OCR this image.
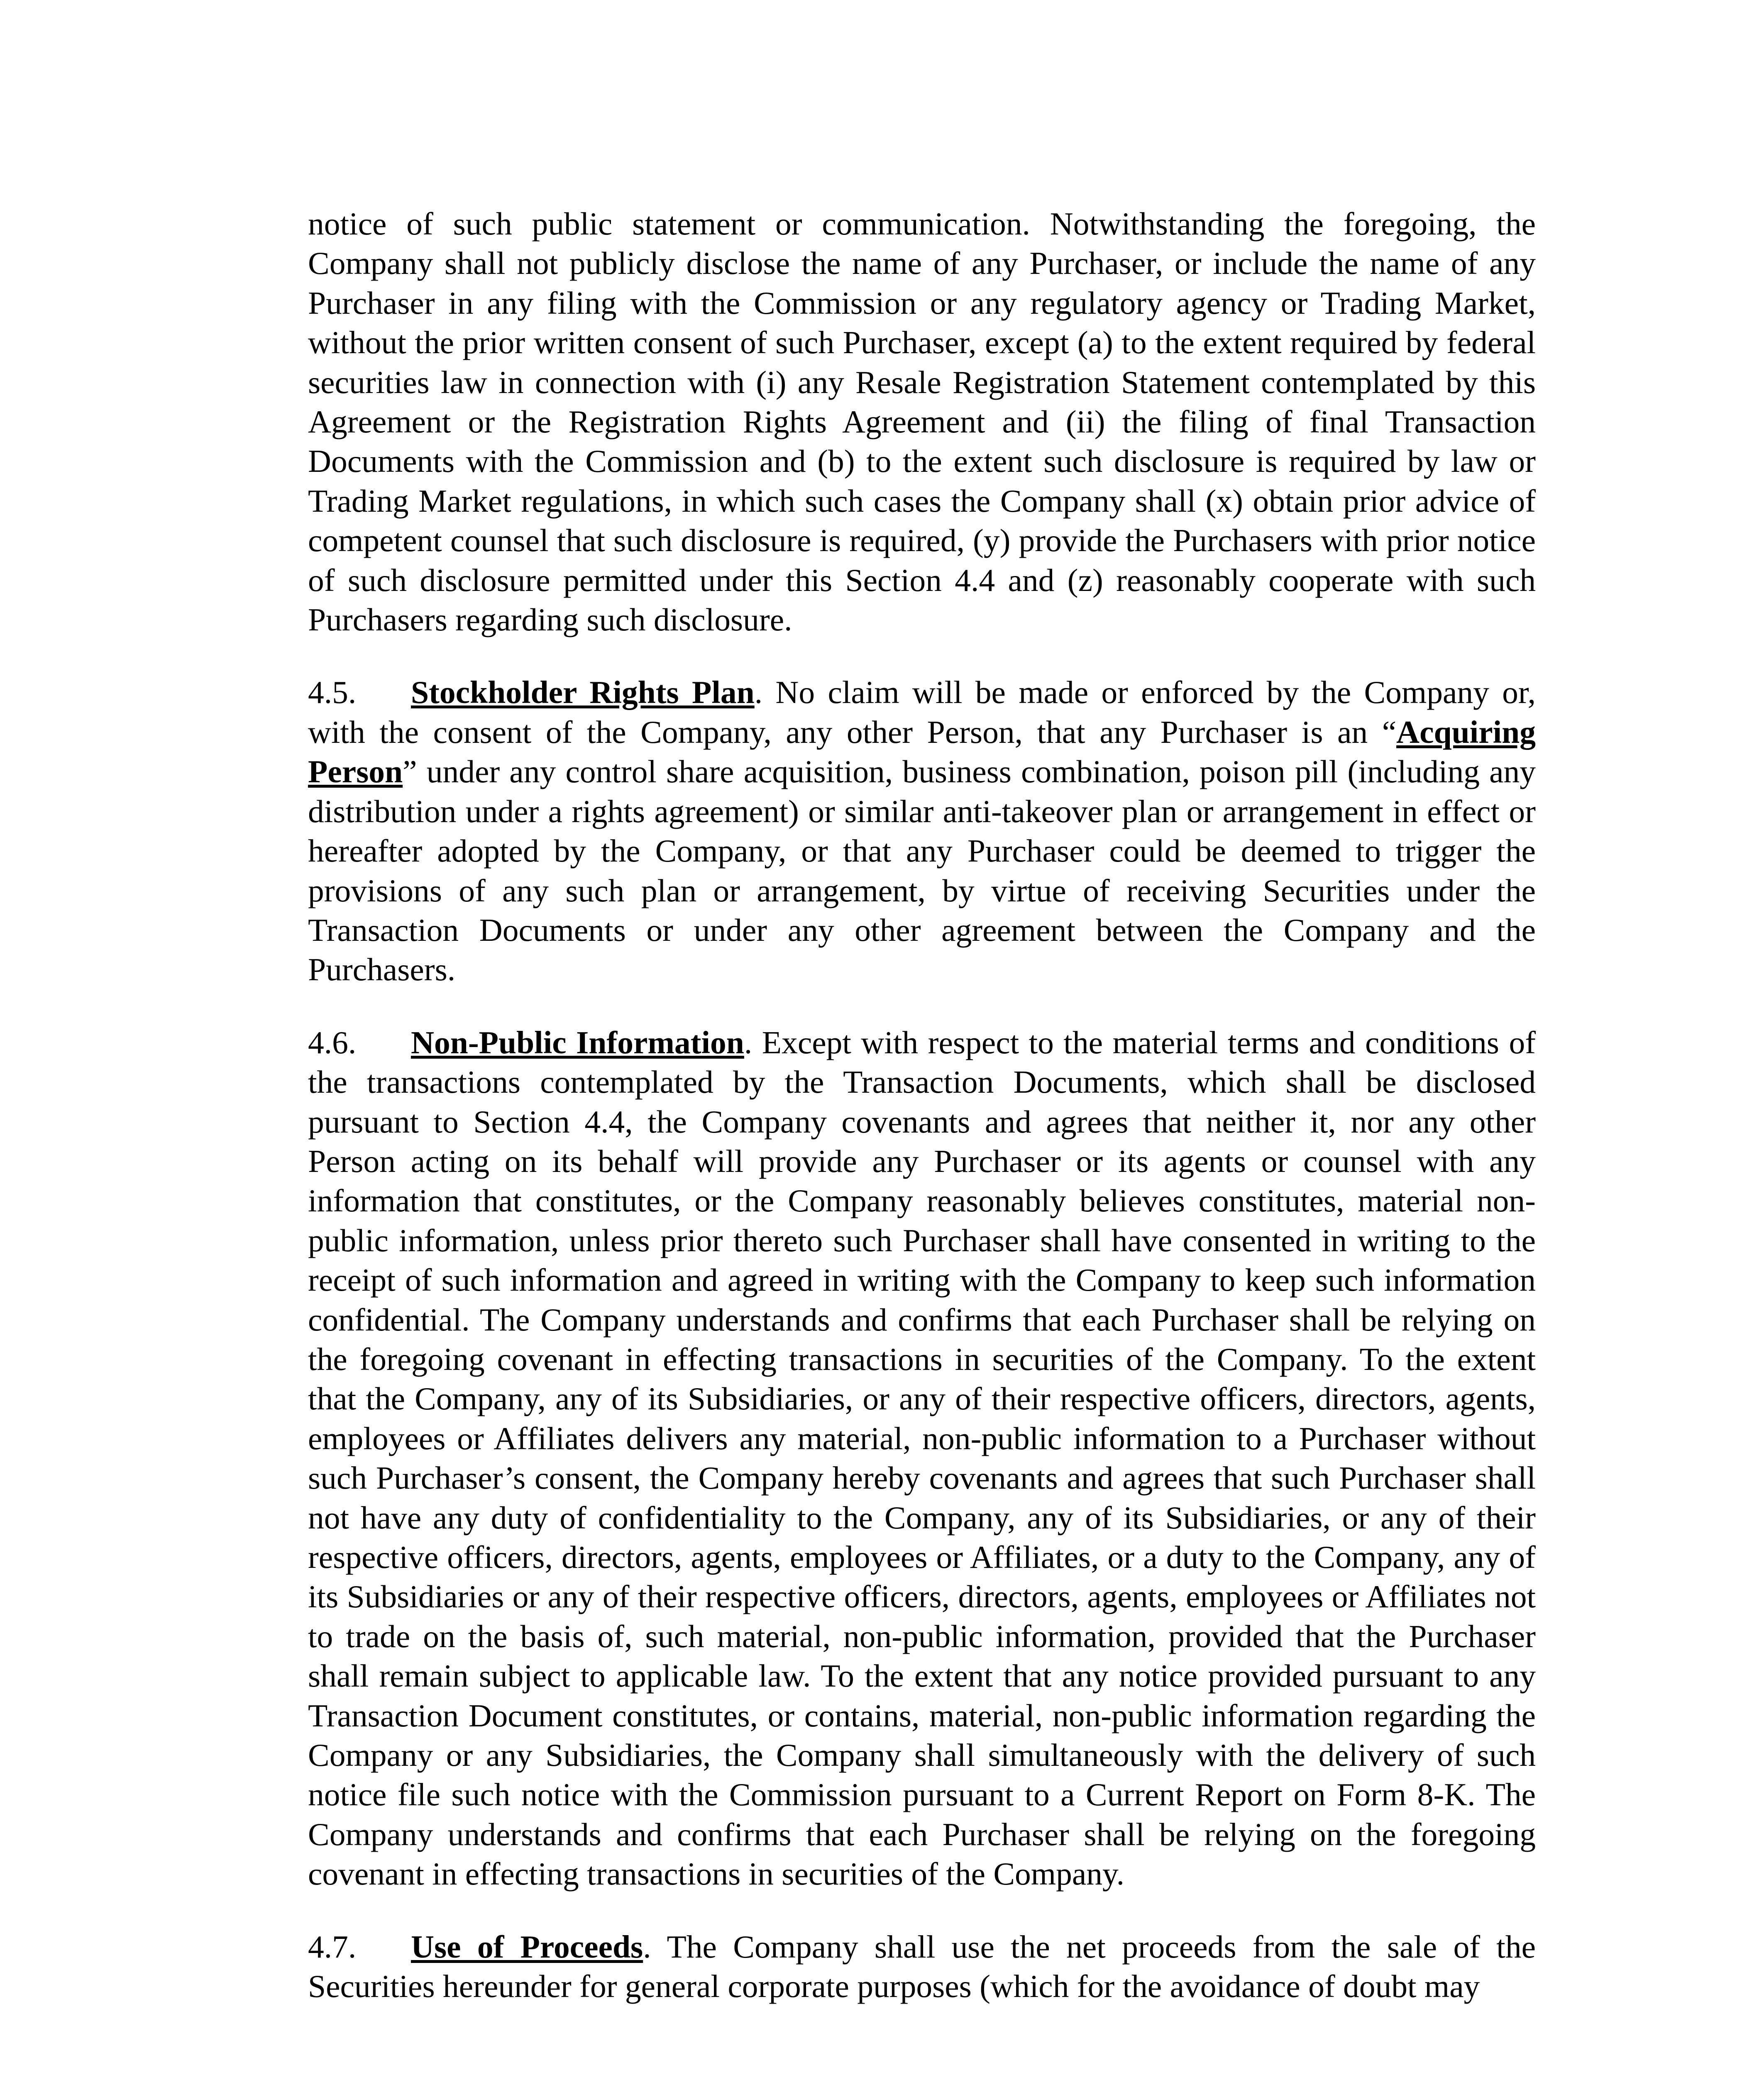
notice of such public statement or communication. Notwithstanding the foregoing, the Company shall not publicly disclose the name of any Purchaser, or include the name of any Purchaser in any filing with the Commission or any regulatory agency or Trading Market, without the prior written consent of such Purchaser, except (a) to the extent required by federal securities law in connection with (i) any Resale Registration Statement contemplated by this Agreement or the Registration Rights Agreement and (ii) the filing of final Transaction Documents with the Commission and (b) to the extent such disclosure is required by law or Trading Market regulations, in which such cases the Company shall (x) obtain prior advice of competent counsel that such disclosure is required, (y) provide the Purchasers with prior notice of such disclosure permitted under this Section 4.4 and (z) reasonably cooperate with such Purchasers regarding such disclosure.

4.5. Stockholder Rights Plan. No claim will be made or enforced by the Company or, with the consent of the Company, any other Person, that any Purchaser is an “Acquiring Person” under any control share acquisition, business combination, poison pill (including any distribution under a rights agreement) or similar anti-takeover plan or arrangement in effect or hereafter adopted by the Company, or that any Purchaser could be deemed to trigger the provisions of any such plan or arrangement, by virtue of receiving Securities under the Transaction Documents or under any other agreement between the Company and the Purchasers.

4.6. Non-Public Information. Except with respect to the material terms and conditions of the transactions contemplated by the Transaction Documents, which shall be disclosed pursuant to Section 4.4, the Company covenants and agrees that neither it, nor any other Person acting on its behalf will provide any Purchaser or its agents or counsel with any information that constitutes, or the Company reasonably believes constitutes, material non-public information, unless prior thereto such Purchaser shall have consented in writing to the receipt of such information and agreed in writing with the Company to keep such information confidential. The Company understands and confirms that each Purchaser shall be relying on the foregoing covenant in effecting transactions in securities of the Company. To the extent that the Company, any of its Subsidiaries, or any of their respective officers, directors, agents, employees or Affiliates delivers any material, non-public information to a Purchaser without such Purchaser’s consent, the Company hereby covenants and agrees that such Purchaser shall not have any duty of confidentiality to the Company, any of its Subsidiaries, or any of their respective officers, directors, agents, employees or Affiliates, or a duty to the Company, any of its Subsidiaries or any of their respective officers, directors, agents, employees or Affiliates not to trade on the basis of, such material, non-public information, provided that the Purchaser shall remain subject to applicable law. To the extent that any notice provided pursuant to any Transaction Document constitutes, or contains, material, non-public information regarding the Company or any Subsidiaries, the Company shall simultaneously with the delivery of such notice file such notice with the Commission pursuant to a Current Report on Form 8-K. The Company understands and confirms that each Purchaser shall be relying on the foregoing covenant in effecting transactions in securities of the Company.

4.7. Use of Proceeds. The Company shall use the net proceeds from the sale of the Securities hereunder for general corporate purposes (which for the avoidance of doubt may
